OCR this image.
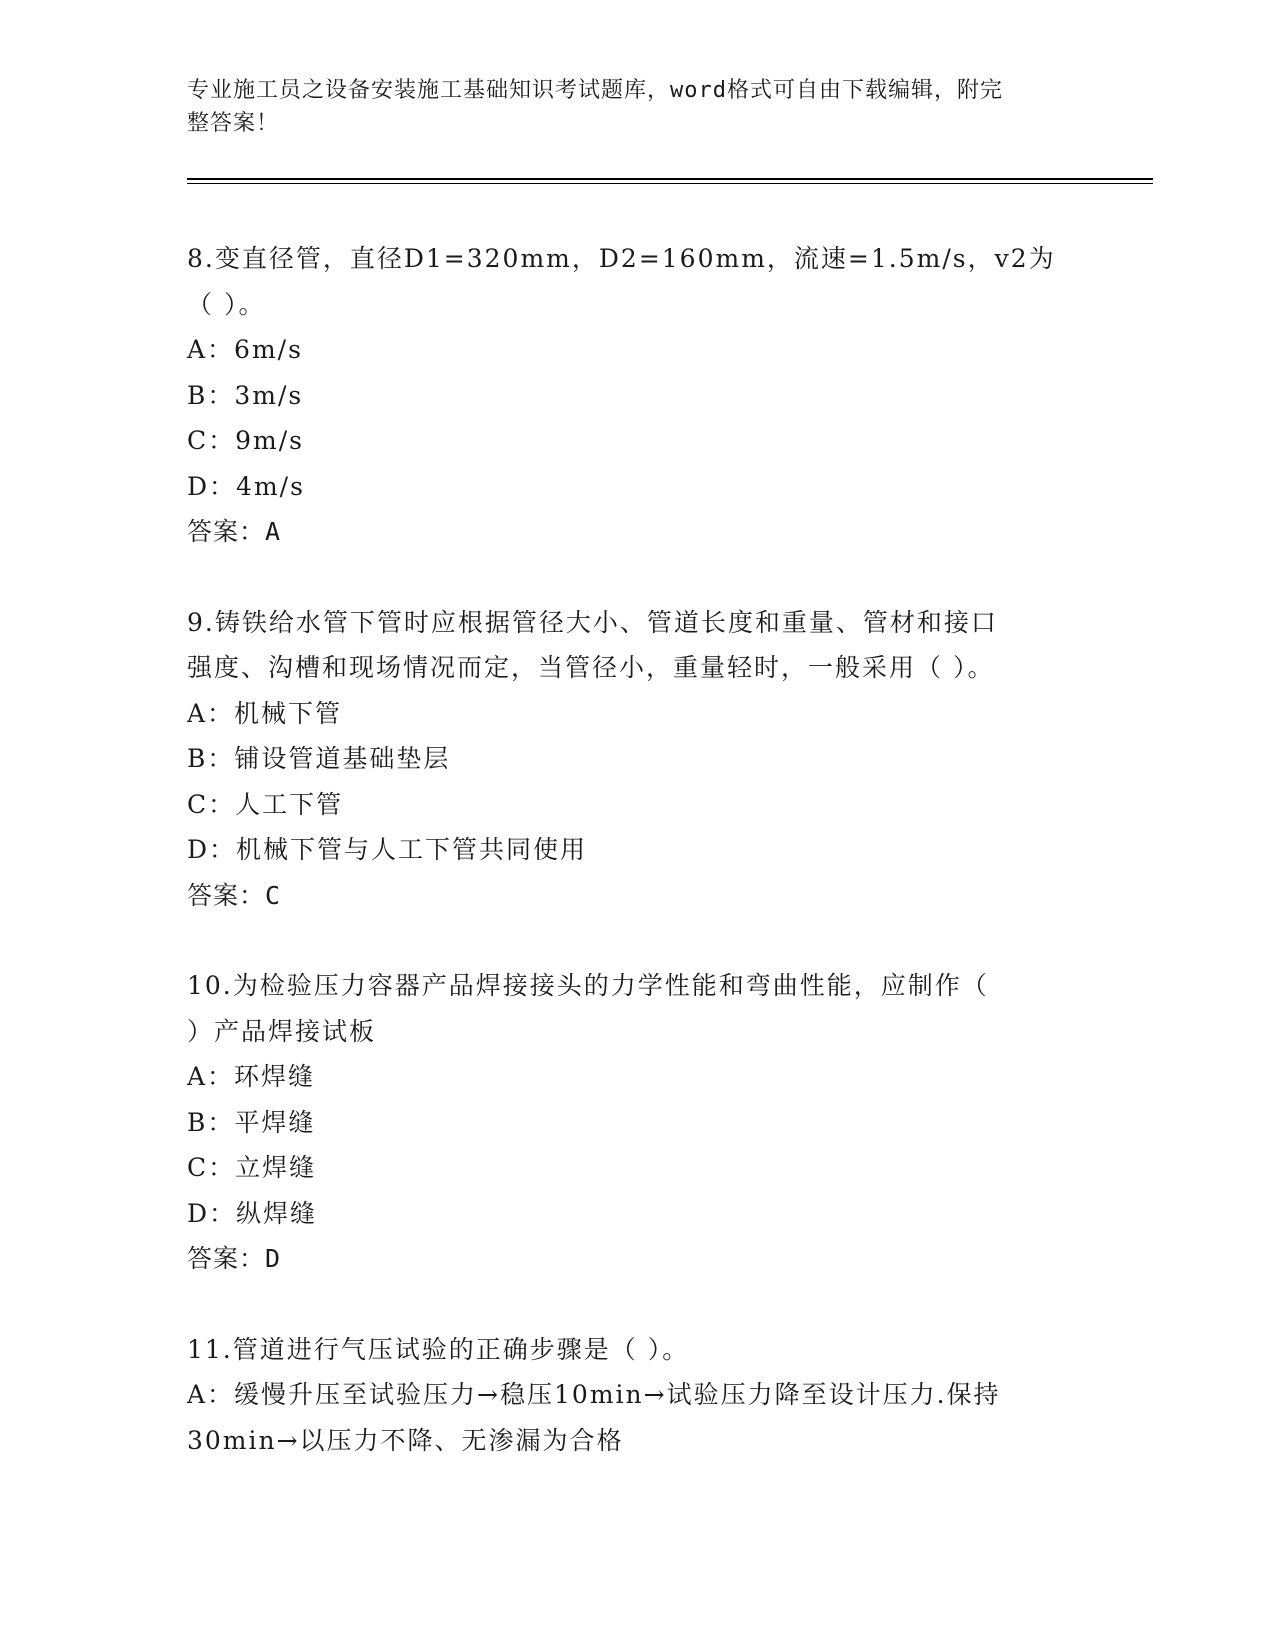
专业施工员之设备安装施工基础知识考试题库，word格式可自由下载编辑，附完
整答案！
8.变直径管，直径D1=320mm，D2=160mm，流速=1.5m/s，v2为（ ）。
A：6m/s
B：3m/s
C：9m/s
D：4m/s
答案：A
9.铸铁给水管下管时应根据管径大小、管道长度和重量、管材和接口
强度、沟槽和现场情况而定，当管径小，重量轻时，一般采用（ ）。
A：机械下管
B：铺设管道基础垫层
C：人工下管
D：机械下管与人工下管共同使用
答案：C
10.为检验压力容器产品焊接接头的力学性能和弯曲性能，应制作（
）产品焊接试板
A：环焊缝
B：平焊缝
C：立焊缝
D：纵焊缝
答案：D
11.管道进行气压试验的正确步骤是（ ）。
A：缓慢升压至试验压力→稳压10min→试验压力降至设计压力.保持
30min→以压力不降、无渗漏为合格
